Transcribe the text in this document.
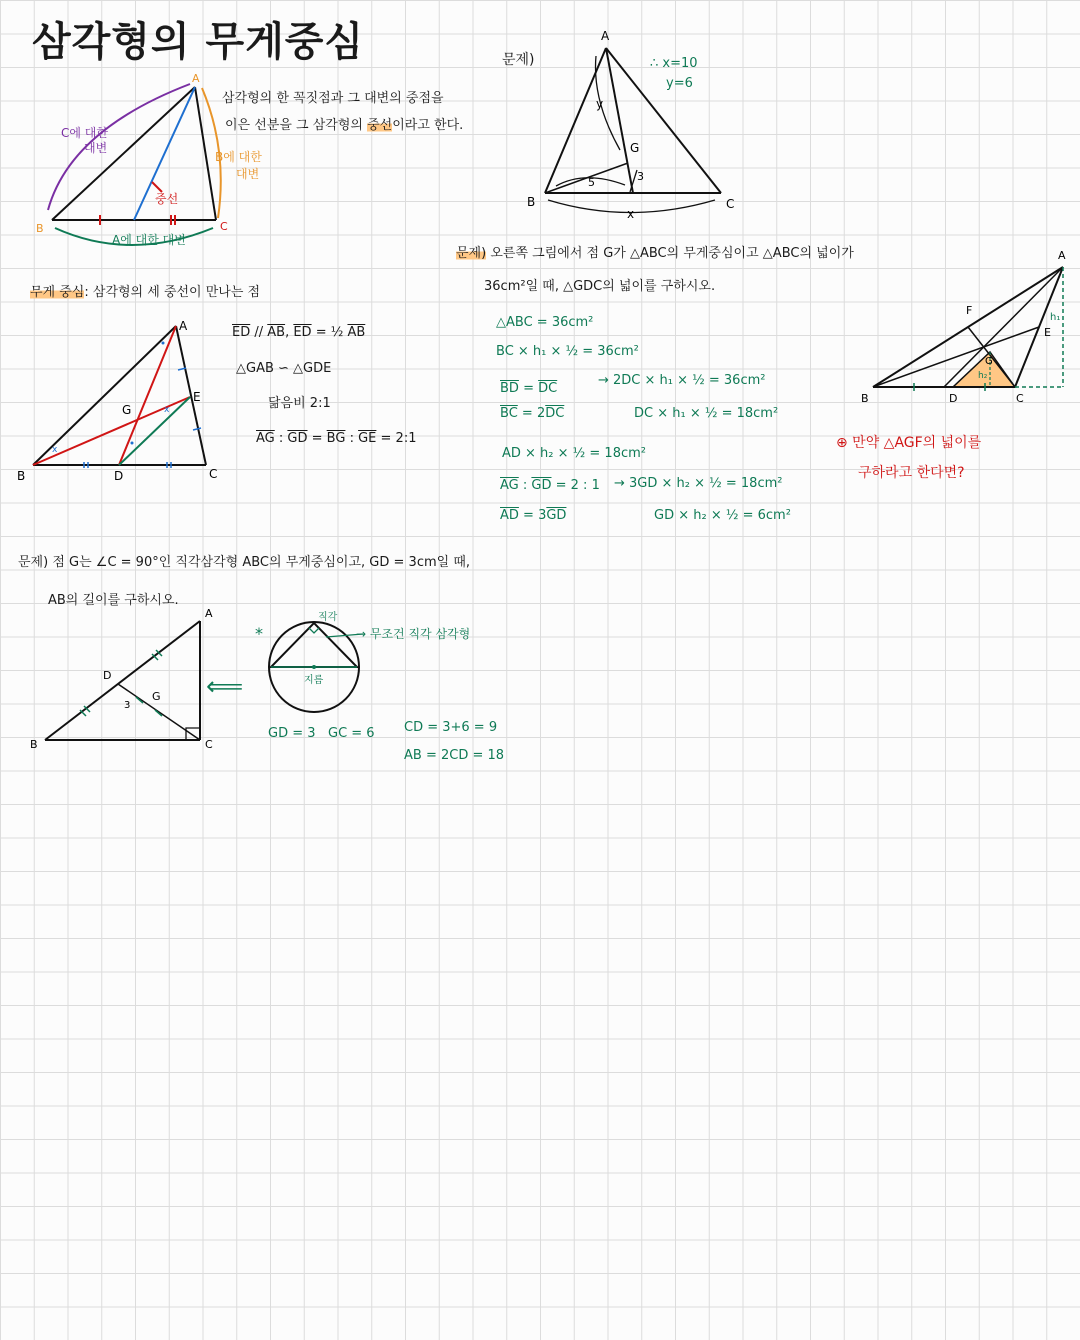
삼각형의 무게중심
A
B	C
C에 대한
대변
B에 대한
대변
A에 대한 대변
중선
삼각형의 한 꼭짓점과 그 대변의 중점을
이은 선분을 그 삼각형의 중선이라고 한다.
무게 중심: 삼각형의 세 중선이 만나는 점
x
x
A
B	C
D
E
G
$\overline{ED} // \overline{AB}$, $\overline{ED}$ = ½ $\overline{AB}$
△GAB ∽ △GDE
닮음비 2:1
$\overline{AG}$ : $\overline{GD} = \overline{BG}$ : $\overline{GE}$ = 2:1
문제)	∴ x=10
y=6
A
B	C
G
y
5	3
x
문제) 오른쪽 그림에서 점 G가 △ABC의 무게중심이고 △ABC의 넓이가
36cm²일 때, △GDC의 넓이를 구하시오.
△ABC = 36cm²
BC × h₁ × ½ = 36cm²
$\overline{BD} = \overline{DC}$
$\overline{BC} = 2\overline{DC}$
→ 2DC × h₁ × ½ = 36cm²
DC × h₁ × ½ = 18cm²
AD × h₂ × ½ = 18cm²
$\overline{AG}$ : $\overline{GD} = 2$ : 1 → 3GD × h₂ × ½ = 18cm²
$\overline{AD} = 3\overline{GD}$	GD × h₂ × ½ = 6cm²
A
B	C
D
E
F
G
h₁
h₂
⊕ 만약 △AGF의 넓이를
구하라고 한다면?
문제) 점 G는 ∠C = 90°인 직각삼각형 ABC의 무게중심이고, GD = 3cm일 때,
AB의 길이를 구하시오.
A
B	C
D
G
3
⟸
*
직각
지름
→ 무조건 직각 삼각형
GD = 3 GC = 6 CD = 3+6 = 9
AB = 2CD = 18
